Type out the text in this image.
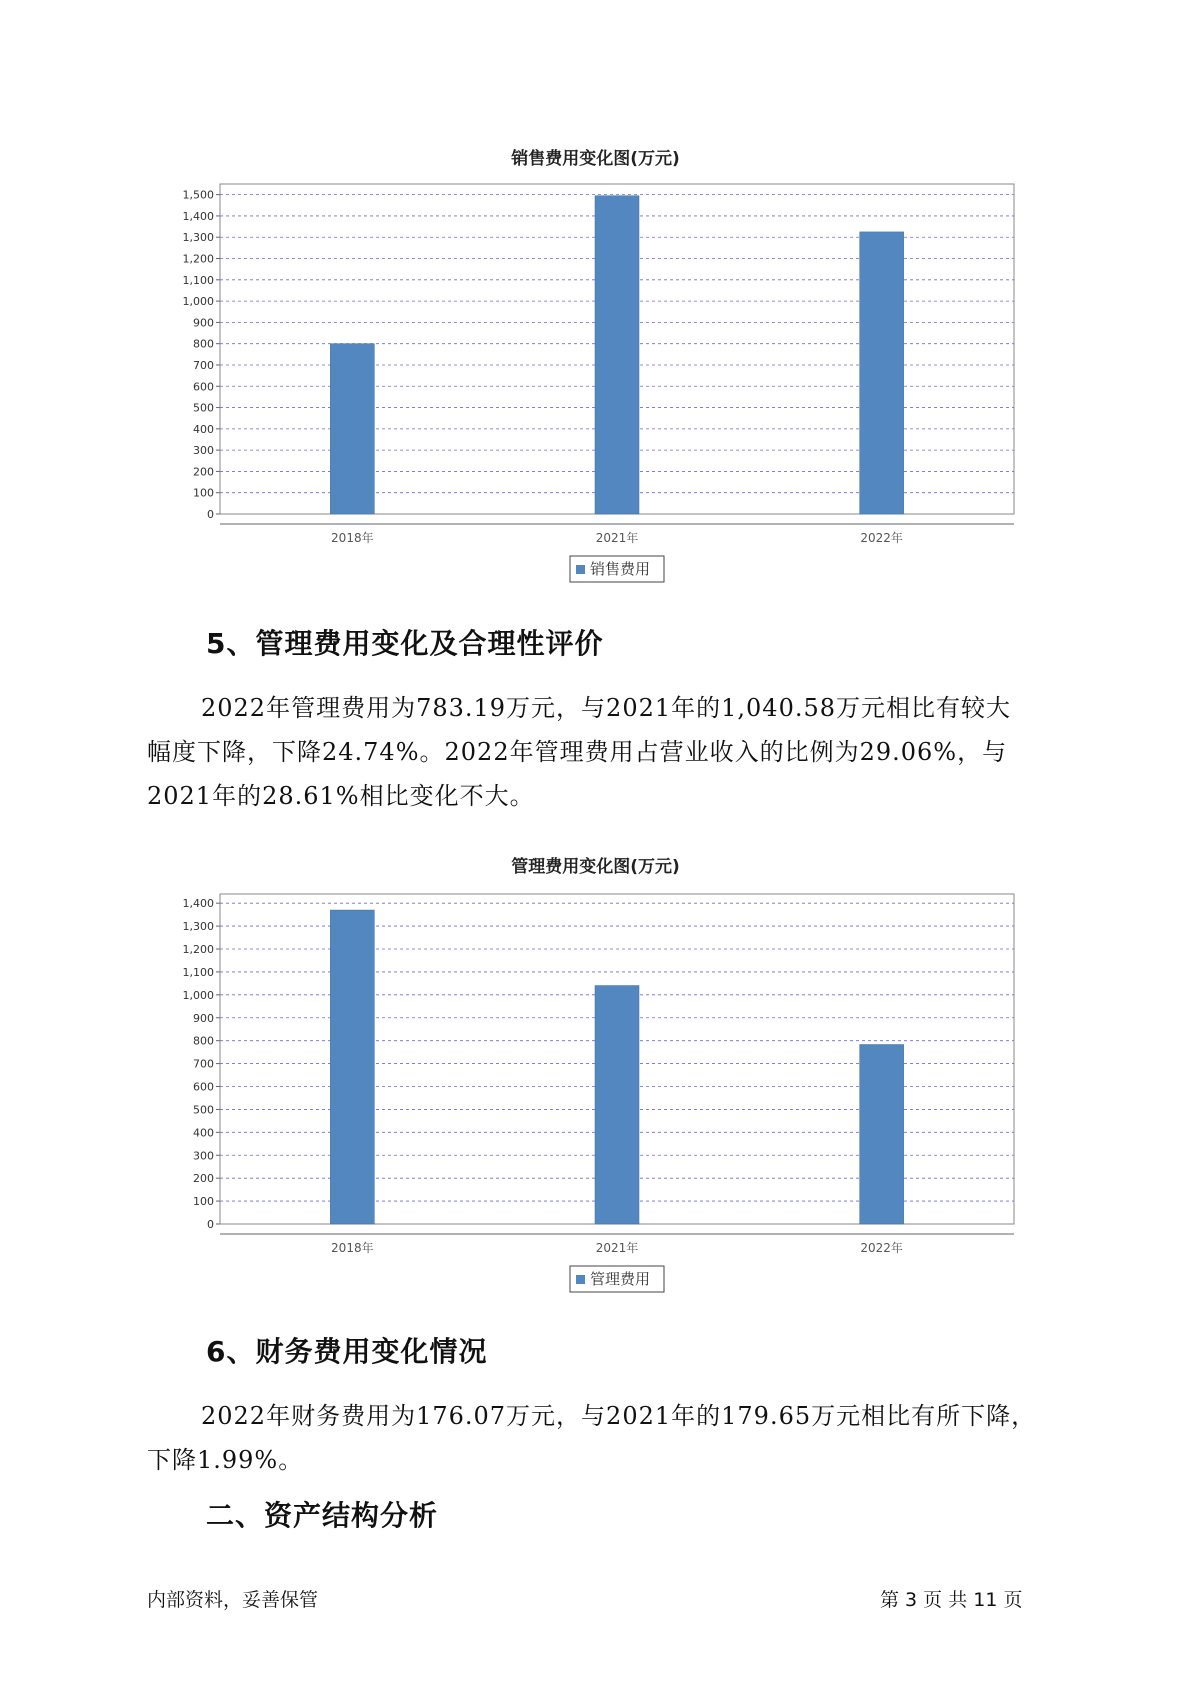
销售费用变化图(万元)
0
100
200
300
400
500
600
700
800
900
1,000
1,100
1,200
1,300
1,400
1,500
2018年	2021年	2022年
销售费用
5、管理费用变化及合理性评价

2022年管理费用为783.19万元，与2021年的1,040.58万元相比有较大

幅度下降，下降24.74%。2022年管理费用占营业收入的比例为29.06%，与

2021年的28.61%相比变化不大。

管理费用变化图(万元)
0
100
200
300
400
500
600
700
800
900
1,000
1,100
1,200
1,300
1,400
2018年	2021年	2022年
管理费用
6、财务费用变化情况

2022年财务费用为176.07万元，与2021年的179.65万元相比有所下降，

下降1.99%。

二、资产结构分析
内部资料，妥善保管	第 3 页 共 11 页
